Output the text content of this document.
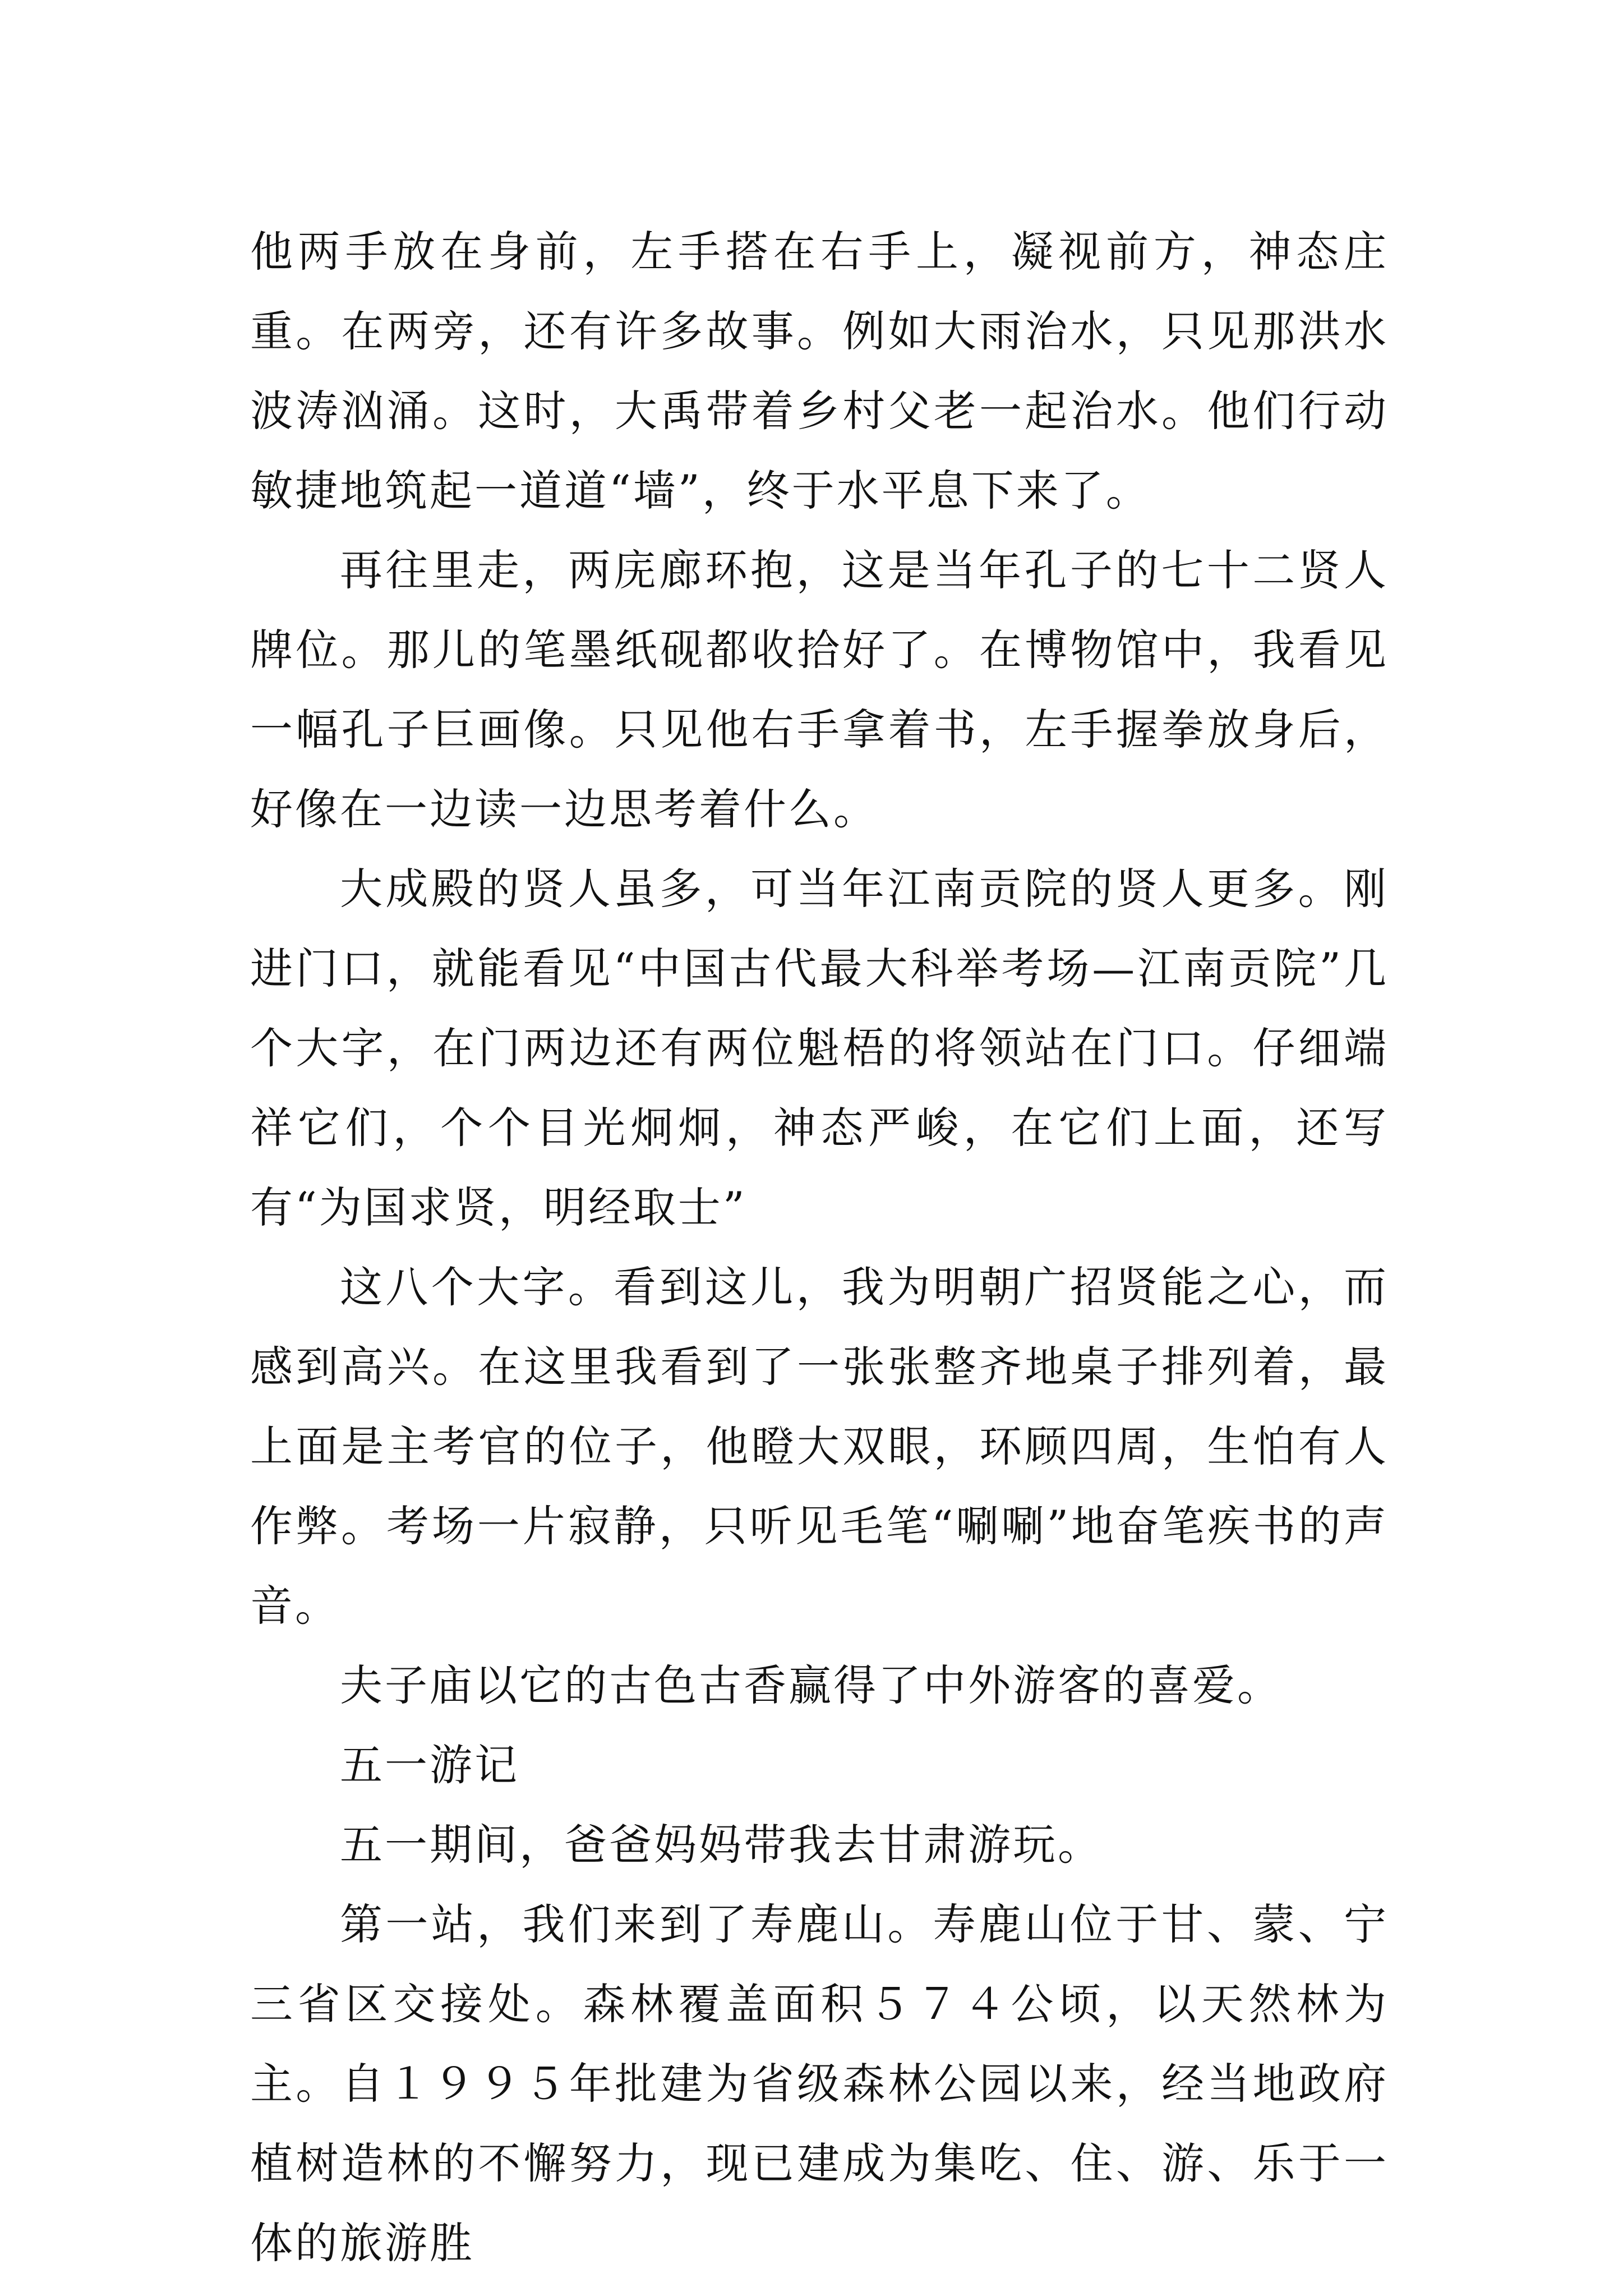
他两手放在身前，左手搭在右手上，凝视前方，神态庄重。在两旁，还有许多故事。例如大雨治水，只见那洪水波涛汹涌。这时，大禹带着乡村父老一起治水。他们行动敏捷地筑起一道道“墙”，终于水平息下来了。

再往里走，两庑廊环抱，这是当年孔子的七十二贤人牌位。那儿的笔墨纸砚都收拾好了。在博物馆中，我看见一幅孔子巨画像。只见他右手拿着书，左手握拳放身后，好像在一边读一边思考着什么。

大成殿的贤人虽多，可当年江南贡院的贤人更多。刚进门口，就能看见“中国古代最大科举考场—江南贡院”几个大字，在门两边还有两位魁梧的将领站在门口。仔细端祥它们，个个目光炯炯，神态严峻，在它们上面，还写有“为国求贤，明经取士”

这八个大字。看到这儿，我为明朝广招贤能之心，而感到高兴。在这里我看到了一张张整齐地桌子排列着，最上面是主考官的位子，他瞪大双眼，环顾四周，生怕有人作弊。考场一片寂静，只听见毛笔“唰唰”地奋笔疾书的声音。

夫子庙以它的古色古香赢得了中外游客的喜爱。

五一游记

五一期间，爸爸妈妈带我去甘肃游玩。

第一站，我们来到了寿鹿山。寿鹿山位于甘、蒙、宁三省区交接处。森林覆盖面积５７４公顷，以天然林为主。自１９９５年批建为省级森林公园以来，经当地政府植树造林的不懈努力，现已建成为集吃、住、游、乐于一体的旅游胜
